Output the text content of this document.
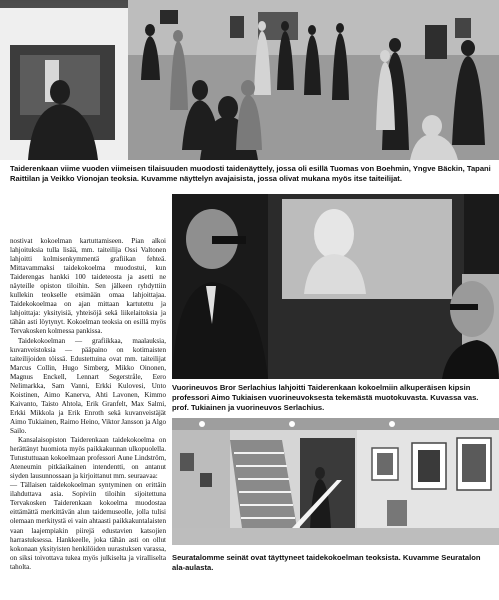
Taiderenkaan viime vuoden viimeisen tilaisuuden muodosti taidenäyttely, jossa oli esillä Tuomas von Boehmin, Yngve Bäckin, Tapani Raittilan ja Veikko Vionojan teoksia. Kuvamme näyttelyn avajaisista, jossa olivat mukana myös itse taiteilijat.

Vuorineuvos Bror Serlachius lahjoitti Taiderenkaan kokoelmiin alkuperäisen kipsin professori Aimo Tukiaisen vuorineuvoksesta tekemästä muotokuvasta. Kuvassa vas. prof. Tukiainen ja vuorineuvos Serlachius.

Seuratalomme seinät ovat täyttyneet taidekokoelman teoksista. Kuvamme Seuratalon ala-aulasta.

nostivat kokoelman kartuttamiseen. Pian alkoi lahjoituksia tulla lisää, mm. taiteilija Ossi Valtonen lahjoitti kolmisenkymmentä grafiikan fehteä. Mittavammaksi taidekokoelma muodostui, kun Taiderengas hankki 100 taideteosta ja asetti ne näyteille opiston tiloihin. Sen jälkeen ryhdyttiin kullekin teokselle etsimään omaa lahjoittajaa. Taidekokoelmaa on ajan mittaan kartutettu ja lahjoittaja: yksityisiä, yhteisöjä sekä liikelaitoksia ja tähän asti löytynyt. Kokoelman teoksia on esillä myös Tervakosken kolmessa pankissa.

Taidekokoelman — grafiikkaa, maalauksia, kuvanveistoksia — pääpaino on kotimaisten taiteilijoiden töissä. Edustettuina ovat mm. taiteilijat Marcus Collin, Hugo Simberg, Mikko Oinonen, Magnus Enckell, Lennart Segerstråle, Eero Nelimarkka, Sam Vanni, Erkki Kulovesi, Unto Koistinen, Aimo Kanerva, Ahti Lavonen, Kimmo Kaivanto, Taisto Ahtola, Erik Granfelt, Max Salmi, Erkki Mikkola ja Erik Enroth sekä kuvanveistäjät Aimo Tukiainen, Raimo Heino, Viktor Jansson ja Algo Sailo.

Kansalaisopiston Taiderenkaan taidekokoelma on herättänyt huomiota myös paikkakunnan ulkopuolella. Tutustuttuaan kokoelmaan professori Aune Lindström, Ateneumin pitkäaikainen intendentti, on antanut siyden lausunnossaan ja kirjoittanut mm. seuraavaa:

— Tällaisen taidekokoelman syntyminen on erittäin ilahduttava asia. Sopiviin tiloihin sijoitettuna Tervakosken Taiderenkaan kokoelma muodostaa eittämättä merkittävän alun taidemuseolle, jolla tulisi olemaan merkitystä ei vain ahtaasti paikkakuntalaisten vaan laajempiakin piirejä edustavien katsojien harrastuksessa. Hankkeelle, joka tähän asti on ollut kokonaan yksityisten henkilöiden uurastuksen varassa, on siksi toivottava tukea myös julkiselta ja viralliselta taholta.
